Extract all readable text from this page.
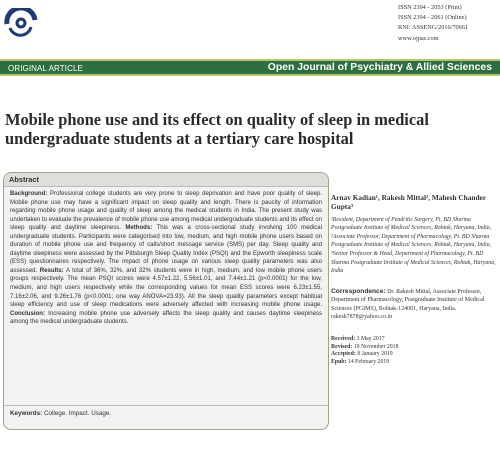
ISSN 2394 - 2053 (Print)
ISSN 2394 - 2061 (Online)
RNI: ASSENG/2016/70661
www.ojpas.com
ORIGINAL ARTICLE	Open Journal of Psychiatry & Allied Sciences
Mobile phone use and its effect on quality of sleep in medical undergraduate students at a tertiary care hospital
Abstract

Background: Professional college students are very prone to sleep deprivation and have poor quality of sleep. Mobile phone use may have a significant impact on sleep quality and length. There is paucity of information regarding mobile phone usage and quality of sleep among the medical students in India. The present study was undertaken to evaluate the prevalence of mobile phone use among medical undergraduate students and its effect on sleep quality and daytime sleepiness. Methods: This was a cross-sectional study involving 100 medical undergraduate students. Participants were categorised into low, medium, and high mobile phone users based on duration of mobile phone use and frequency of calls/short message service (SMS) per day. Sleep quality and daytime sleepiness were assessed by the Pittsburgh Sleep Quality Index (PSQI) and the Epworth sleepiness scale (ESS) questionnaires respectively. The impact of phone usage on various sleep quality parameters was also assessed. Results: A total of 36%, 32%, and 32% students were in high, medium, and low mobile phone users groups respectively. The mean PSQI scores were 4.57±1.22, 5.56±1.01, and 7.44±1.21 (p<0.0001) for the low, medium, and high users respectively while the corresponding values for mean ESS scores were 6.23±1.55, 7.16±2.06, and 9.26±1.76 (p<0.0001; one way ANOVA=23.93). All the sleep quality parameters except habitual sleep efficiency and use of sleep medications were adversely affected with increasing mobile phone usage. Conclusion: Increasing mobile phone use adversely affects the sleep quality and causes daytime sleepiness among the medical undergraduate students.

Keywords: College. Impact. Usage.
Arnav Kadian¹, Rakesh Mittal², Mahesh Chander Gupta³
¹Resident, Department of Peadritic Surgery, Pt. BD Sharma Postgraduate Institute of Medical Sciences, Rohtak, Haryana, India, ²Associate Professor, Department of Pharmacology, Pt. BD Sharma Postgraduate Institute of Medical Sciences, Rohtak, Haryana, India, ³Senior Professor & Head, Department of Pharmacology, Pt. BD Sharma Postgraduate Institute of Medical Sciences, Rohtak, Haryana, India
Correspondence: Dr. Rakesh Mittal, Associate Professor, Department of Pharmacology, Postgraduate Institute of Medical Sciences (PGIMS), Rohtak-124001, Haryana, India. rakesh7878@yahoo.co.in
Received: 3 May 2017
Revised: 19 November 2018
Accepted: 8 January 2019
Epub: 14 February 2019
